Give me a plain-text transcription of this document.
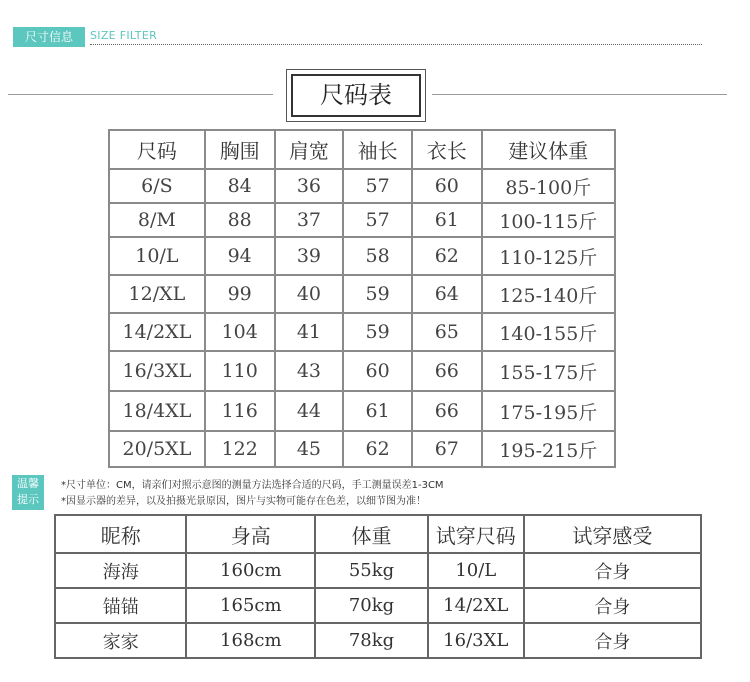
尺寸信息	SIZE FILTER
尺码表
尺码	胸围	肩宽	袖长	衣长	建议体重
6/S	84	36	57	60	85-100斤
8/M	88	37	57	61	100-115斤
10/L	94	39	58	62	110-125斤
12/XL	99	40	59	64	125-140斤
14/2XL	104	41	59	65	140-155斤
16/3XL	110	43	60	66	155-175斤
18/4XL	116	44	61	66	175-195斤
20/5XL	122	45	62	67	195-215斤
温馨
提示
*尺寸单位：CM，请亲们对照示意图的测量方法选择合适的尺码，手工测量误差1-3CM
*因显示器的差异，以及拍摄光景原因，图片与实物可能存在色差，以细节图为准！
昵称	身高	体重	试穿尺码	试穿感受
海海	160cm	55kg	10/L	合身
锚锚	165cm	70kg	14/2XL	合身
家家	168cm	78kg	16/3XL	合身
